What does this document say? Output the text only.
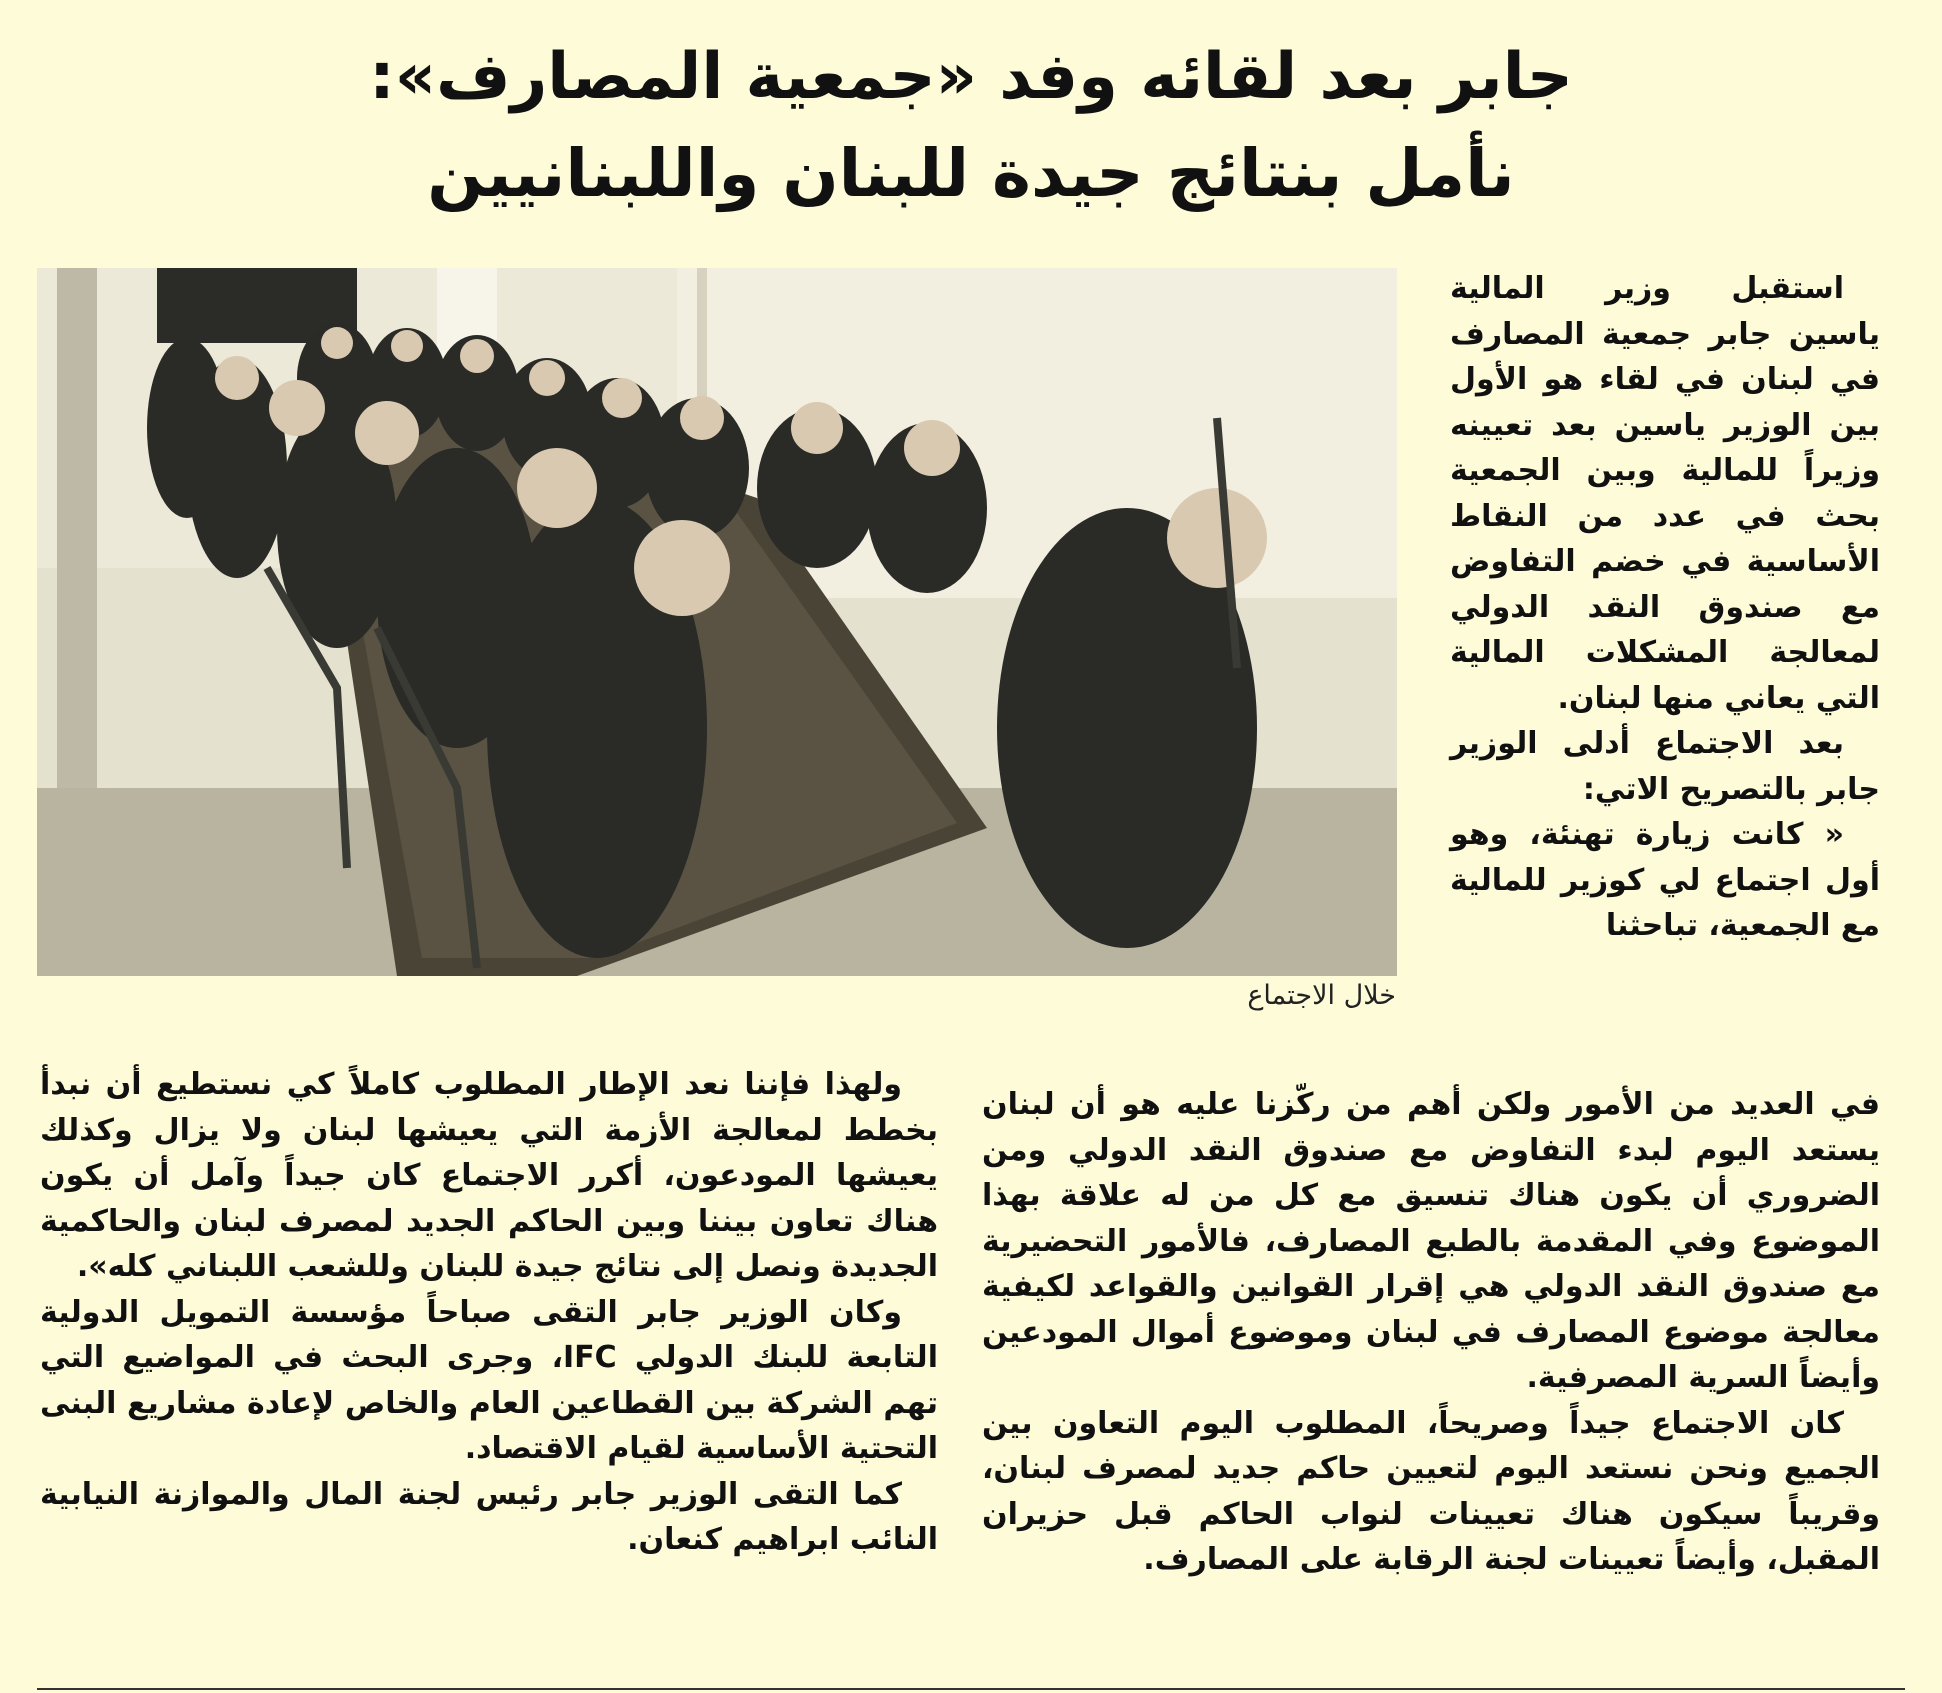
جابر بعد لقائه وفد «جمعية المصارف»:
نأمل بنتائج جيدة للبنان واللبنانيين
خلال الاجتماع

استقبل وزير المالية ياسين جابر جمعية المصارف في لبنان في لقاء هو الأول بين الوزير ياسين بعد تعيينه وزيراً للمالية وبين الجمعية بحث في عدد من النقاط الأساسية في خضم التفاوض مع صندوق النقد الدولي لمعالجة المشكلات المالية التي يعاني منها لبنان.

بعد الاجتماع أدلى الوزير جابر بالتصريح الاتي:

« كانت زيارة تهنئة، وهو أول اجتماع لي كوزير للمالية مع الجمعية، تباحثنا

في العديد من الأمور ولكن أهم من ركّزنا عليه هو أن لبنان يستعد اليوم لبدء التفاوض مع صندوق النقد الدولي ومن الضروري أن يكون هناك تنسيق مع كل من له علاقة بهذا الموضوع وفي المقدمة بالطبع المصارف، فالأمور التحضيرية مع صندوق النقد الدولي هي إقرار القوانين والقواعد لكيفية معالجة موضوع المصارف في لبنان وموضوع أموال المودعين وأيضاً السرية المصرفية.

كان الاجتماع جيداً وصريحاً، المطلوب اليوم التعاون بين الجميع ونحن نستعد اليوم لتعيين حاكم جديد لمصرف لبنان، وقريباً سيكون هناك تعيينات لنواب الحاكم قبل حزيران المقبل، وأيضاً تعيينات لجنة الرقابة على المصارف.

ولهذا فإننا نعد الإطار المطلوب كاملاً كي نستطيع أن نبدأ بخطط لمعالجة الأزمة التي يعيشها لبنان ولا يزال وكذلك يعيشها المودعون، أكرر الاجتماع كان جيداً وآمل أن يكون هناك تعاون بيننا وبين الحاكم الجديد لمصرف لبنان والحاكمية الجديدة ونصل إلى نتائج جيدة للبنان وللشعب اللبناني كله».

وكان الوزير جابر التقى صباحاً مؤسسة التمويل الدولية التابعة للبنك الدولي IFC، وجرى البحث في المواضيع التي تهم الشركة بين القطاعين العام والخاص لإعادة مشاريع البنى التحتية الأساسية لقيام الاقتصاد.

كما التقى الوزير جابر رئيس لجنة المال والموازنة النيابية النائب ابراهيم كنعان.
